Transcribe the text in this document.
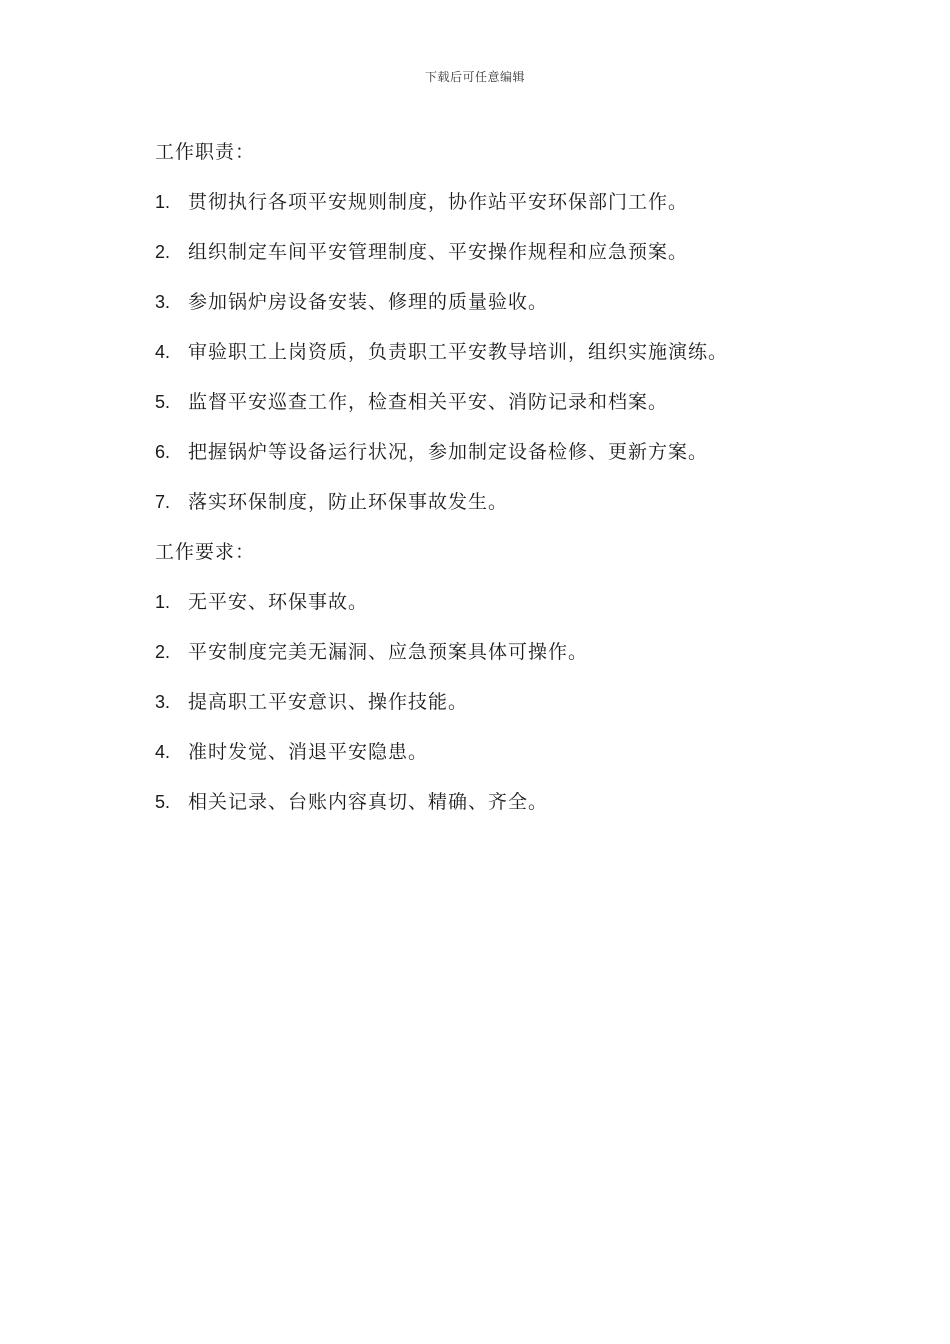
下载后可任意编辑
工作职责：
1. 贯彻执行各项平安规则制度，协作站平安环保部门工作。
2. 组织制定车间平安管理制度、平安操作规程和应急预案。
3. 参加锅炉房设备安装、修理的质量验收。
4. 审验职工上岗资质，负责职工平安教导培训，组织实施演练。
5. 监督平安巡查工作，检查相关平安、消防记录和档案。
6. 把握锅炉等设备运行状况，参加制定设备检修、更新方案。
7. 落实环保制度，防止环保事故发生。
工作要求：
1. 无平安、环保事故。
2. 平安制度完美无漏洞、应急预案具体可操作。
3. 提高职工平安意识、操作技能。
4. 准时发觉、消退平安隐患。
5. 相关记录、台账内容真切、精确、齐全。
